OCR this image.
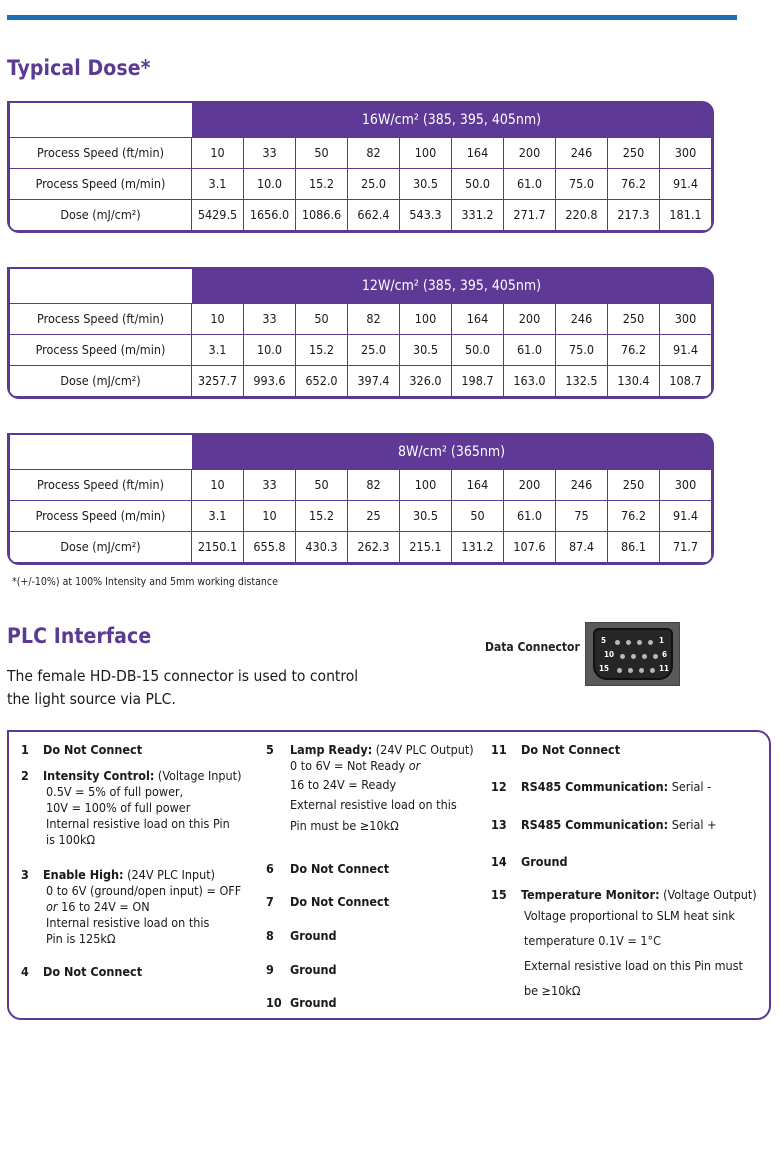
Typical Dose*
	16W/cm² (385, 395, 405nm)									
Process Speed (ft/min)	10	33	50	82	100	164	200	246	250	300
Process Speed (m/min)	3.1	10.0	15.2	25.0	30.5	50.0	61.0	75.0	76.2	91.4
Dose (mJ/cm²)	5429.5	1656.0	1086.6	662.4	543.3	331.2	271.7	220.8	217.3	181.1
	12W/cm² (385, 395, 405nm)									
Process Speed (ft/min)	10	33	50	82	100	164	200	246	250	300
Process Speed (m/min)	3.1	10.0	15.2	25.0	30.5	50.0	61.0	75.0	76.2	91.4
Dose (mJ/cm²)	3257.7	993.6	652.0	397.4	326.0	198.7	163.0	132.5	130.4	108.7
	8W/cm² (365nm)									
Process Speed (ft/min)	10	33	50	82	100	164	200	246	250	300
Process Speed (m/min)	3.1	10	15.2	25	30.5	50	61.0	75	76.2	91.4
Dose (mJ/cm²)	2150.1	655.8	430.3	262.3	215.1	131.2	107.6	87.4	86.1	71.7
*(+/-10%) at 100% Intensity and 5mm working distance
PLC Interface
The female HD-DB-15 connector is used to control
the light source via PLC.
Data Connector	5	1
10	6
15	11
1 Do Not Connect
2 Intensity Control: (Voltage Input)
0.5V = 5% of full power,
10V = 100% of full power
Internal resistive load on this Pin
is 100kΩ
3 Enable High: (24V PLC Input)
0 to 6V (ground/open input) = OFF
or 16 to 24V = ON
Internal resistive load on this
Pin is 125kΩ
4 Do Not Connect
5 Lamp Ready: (24V PLC Output)
0 to 6V = Not Ready or
16 to 24V = Ready
External resistive load on this
Pin must be ≥10kΩ
6 Do Not Connect
7 Do Not Connect
8 Ground
9 Ground
10 Ground
11 Do Not Connect
12 RS485 Communication: Serial -
13 RS485 Communication: Serial +
14 Ground
15 Temperature Monitor: (Voltage Output)
Voltage proportional to SLM heat sink
temperature 0.1V = 1°C
External resistive load on this Pin must
be ≥10kΩ
